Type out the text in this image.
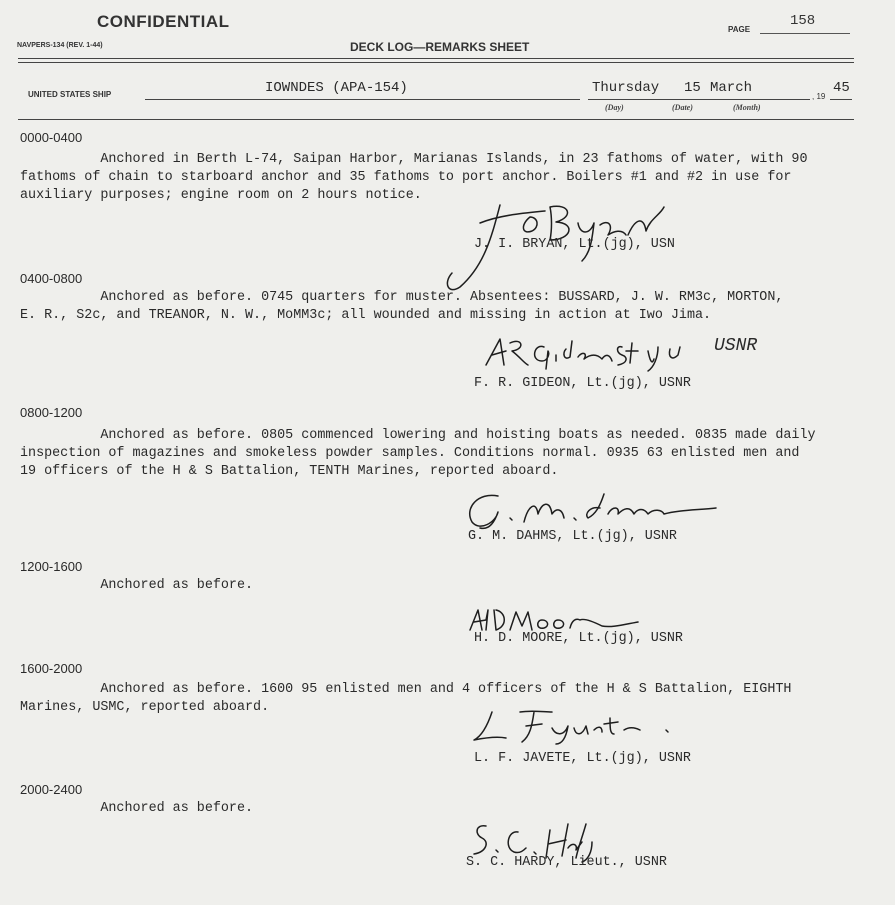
CONFIDENTIAL	PAGE
158
NAVPERS-134 (REV. 1-44)	DECK LOG—REMARKS SHEET
UNITED STATES SHIP	IOWNDES (APA-154)	Thursday 15 March
, 19
45
(Day)	(Date)	(Month)
0000-0400
Anchored in Berth L-74, Saipan Harbor, Marianas Islands, in 23 fathoms of water, with 90
fathoms of chain to starboard anchor and 35 fathoms to port anchor. Boilers #1 and #2 in use for
auxiliary purposes; engine room on 2 hours notice.
J. I. BRYAN, Lt.(jg), USN
0400-0800
Anchored as before. 0745 quarters for muster. Absentees: BUSSARD, J. W. RM3c, MORTON,
E. R., S2c, and TREANOR, N. W., MoMM3c; all wounded and missing in action at Iwo Jima.
USNR
F. R. GIDEON, Lt.(jg), USNR
0800-1200
Anchored as before. 0805 commenced lowering and hoisting boats as needed. 0835 made daily
inspection of magazines and smokeless powder samples. Conditions normal. 0935 63 enlisted men and
19 officers of the H & S Battalion, TENTH Marines, reported aboard.
G. M. DAHMS, Lt.(jg), USNR
1200-1600
Anchored as before.
H. D. MOORE, Lt.(jg), USNR
1600-2000
Anchored as before. 1600 95 enlisted men and 4 officers of the H & S Battalion, EIGHTH
Marines, USMC, reported aboard.
L. F. JAVETE, Lt.(jg), USNR
2000-2400
Anchored as before.
S. C. HARDY, Lieut., USNR
